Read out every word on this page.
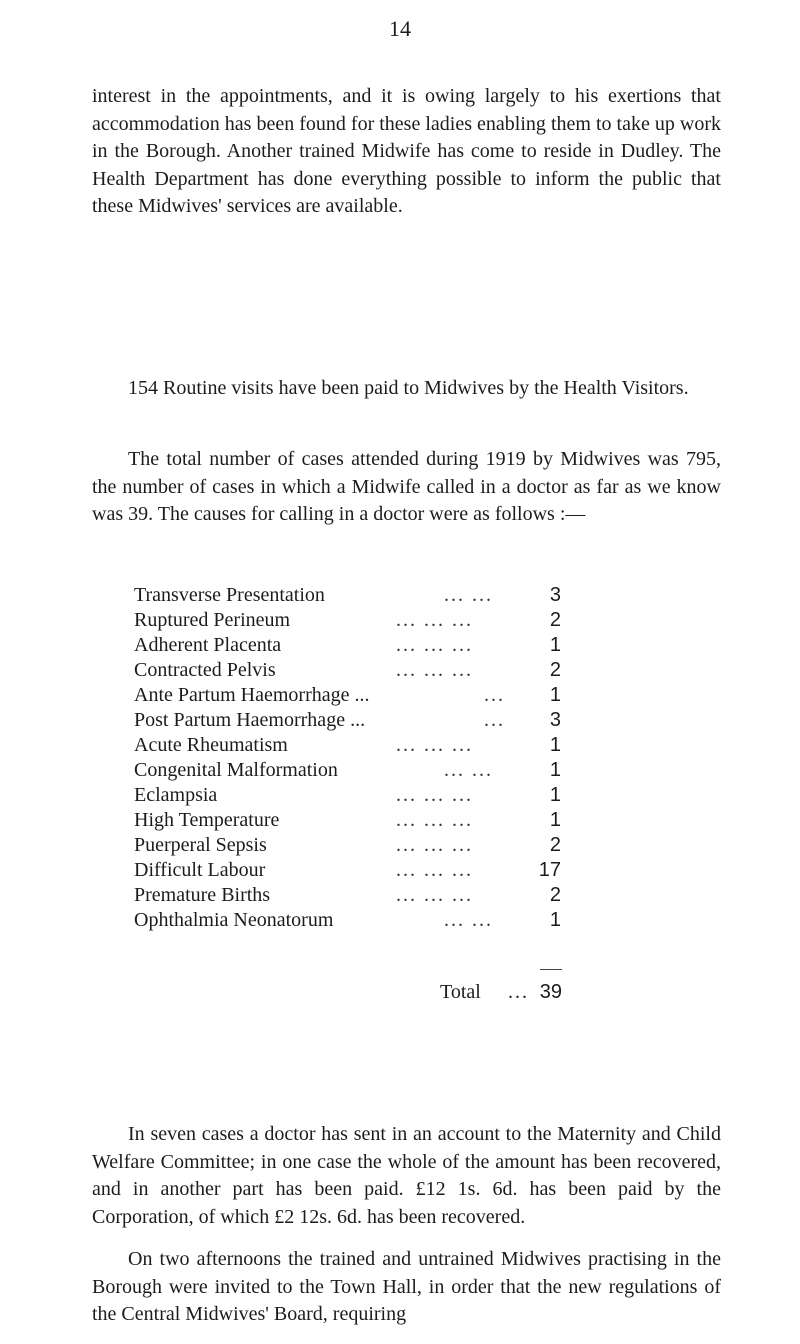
14

interest in the appointments, and it is owing largely to his exertions that accommodation has been found for these ladies enabling them to take up work in the Borough. Another trained Midwife has come to reside in Dudley. The Health Department has done everything possible to inform the public that these Midwives' services are available.

154 Routine visits have been paid to Midwives by the Health Visitors.

The total number of cases attended during 1919 by Midwives was 795, the number of cases in which a Midwife called in a doctor as far as we know was 39. The causes for calling in a doctor were as follows :—

Transverse Presentation	... ...	3
Ruptured Perineum	... ... ...	2
Adherent Placenta	... ... ...	1
Contracted Pelvis	... ... ...	2
Ante Partum Haemorrhage ...	...	1
Post Partum Haemorrhage ...	...	3
Acute Rheumatism	... ... ...	1
Congenital Malformation	... ...	1
Eclampsia	... ... ...	1
High Temperature	... ... ...	1
Puerperal Sepsis	... ... ...	2
Difficult Labour	... ... ...	17
Premature Births	... ... ...	2
Ophthalmia Neonatorum	... ...	1
Total ... 39

In seven cases a doctor has sent in an account to the Maternity and Child Welfare Committee; in one case the whole of the amount has been recovered, and in another part has been paid. £12 1s. 6d. has been paid by the Corporation, of which £2 12s. 6d. has been recovered.

On two afternoons the trained and untrained Midwives practising in the Borough were invited to the Town Hall, in order that the new regulations of the Central Midwives' Board, requiring
